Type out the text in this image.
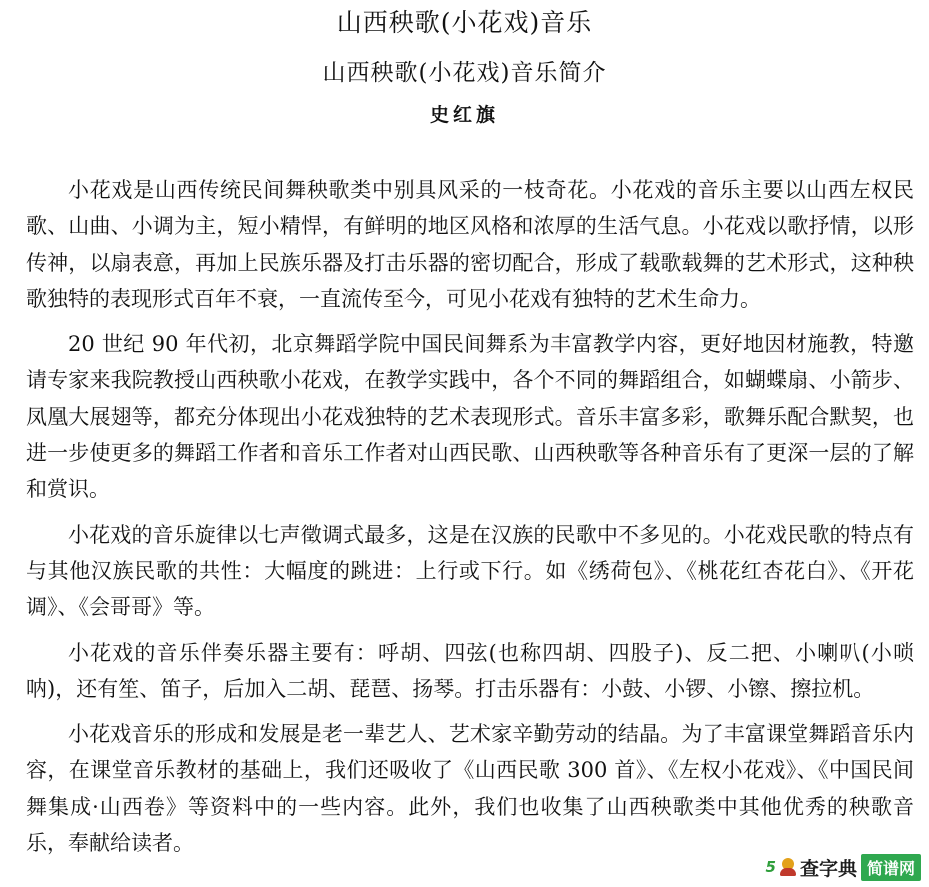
山西秧歌(小花戏)音乐
山西秧歌(小花戏)音乐简介
史红旗

小花戏是山西传统民间舞秧歌类中别具风采的一枝奇花。小花戏的音乐主要以山西左权民歌、山曲、小调为主，短小精悍，有鲜明的地区风格和浓厚的生活气息。小花戏以歌抒情，以形传神，以扇表意，再加上民族乐器及打击乐器的密切配合，形成了载歌载舞的艺术形式，这种秧歌独特的表现形式百年不衰，一直流传至今，可见小花戏有独特的艺术生命力。

20 世纪 90 年代初，北京舞蹈学院中国民间舞系为丰富教学内容，更好地因材施教，特邀请专家来我院教授山西秧歌小花戏，在教学实践中，各个不同的舞蹈组合，如蝴蝶扇、小箭步、凤凰大展翅等，都充分体现出小花戏独特的艺术表现形式。音乐丰富多彩，歌舞乐配合默契，也进一步使更多的舞蹈工作者和音乐工作者对山西民歌、山西秧歌等各种音乐有了更深一层的了解和赏识。

小花戏的音乐旋律以七声徵调式最多，这是在汉族的民歌中不多见的。小花戏民歌的特点有与其他汉族民歌的共性：大幅度的跳进：上行或下行。如《绣荷包》、《桃花红杏花白》、《开花调》、《会哥哥》等。

小花戏的音乐伴奏乐器主要有：呼胡、四弦(也称四胡、四股子)、反二把、小喇叭(小唢呐)，还有笙、笛子，后加入二胡、琵琶、扬琴。打击乐器有：小鼓、小锣、小镲、擦拉机。

小花戏音乐的形成和发展是老一辈艺人、艺术家辛勤劳动的结晶。为了丰富课堂舞蹈音乐内容，在课堂音乐教材的基础上，我们还吸收了《山西民歌 300 首》、《左权小花戏》、《中国民间舞集成·山西卷》等资料中的一些内容。此外，我们也收集了山西秧歌类中其他优秀的秧歌音乐，奉献给读者。

5 查字典 简谱网
